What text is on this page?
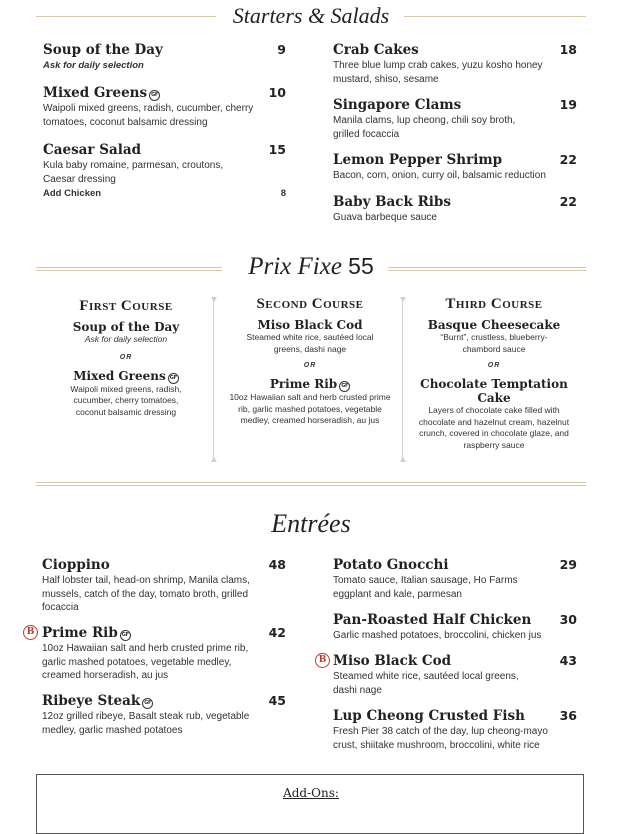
Starters & Salads
Soup of the Day	9
Ask for daily selection
Mixed Greens GF	10
Waipoli mixed greens, radish, cucumber, cherry tomatoes, coconut balsamic dressing
Caesar Salad	15
Kula baby romaine, parmesan, croutons, Caesar dressing
Add Chicken	8
Crab Cakes	18
Three blue lump crab cakes, yuzu kosho honey mustard, shiso, sesame
Singapore Clams	19
Manila clams, lup cheong, chili soy broth, grilled focaccia
Lemon Pepper Shrimp	22
Bacon, corn, onion, curry oil, balsamic reduction
Baby Back Ribs	22
Guava barbeque sauce
Prix Fixe 55
First Course
Soup of the Day
Ask for daily selection
OR
Mixed Greens GF
Waipoli mixed greens, radish, cucumber, cherry tomatoes, coconut balsamic dressing
Second Course
Miso Black Cod
Steamed white rice, sautéed local greens, dashi nage
OR
Prime Rib GF
10oz Hawaiian salt and herb crusted prime rib, garlic mashed potatoes, vegetable medley, creamed horseradish, au jus
Third Course
Basque Cheesecake
“Burnt”, crustless, blueberry-chambord sauce
OR
Chocolate Temptation Cake
Layers of chocolate cake filled with chocolate and hazelnut cream, hazelnut crunch, covered in chocolate glaze, and raspberry sauce
Entrées
Cioppino	48
Half lobster tail, head-on shrimp, Manila clams, mussels, catch of the day, tomato broth, grilled focaccia
B Prime Rib GF	42
10oz Hawaiian salt and herb crusted prime rib, garlic mashed potatoes, vegetable medley, creamed horseradish, au jus
Ribeye Steak GF	45
12oz grilled ribeye, Basalt steak rub, vegetable medley, garlic mashed potatoes
Potato Gnocchi	29
Tomato sauce, Italian sausage, Ho Farms eggplant and kale, parmesan
Pan-Roasted Half Chicken	30
Garlic mashed potatoes, broccolini, chicken jus
B Miso Black Cod	43
Steamed white rice, sautéed local greens, dashi nage
Lup Cheong Crusted Fish	36
Fresh Pier 38 catch of the day, lup cheong-mayo crust, shiitake mushroom, broccolini, white rice
Add-Ons:
